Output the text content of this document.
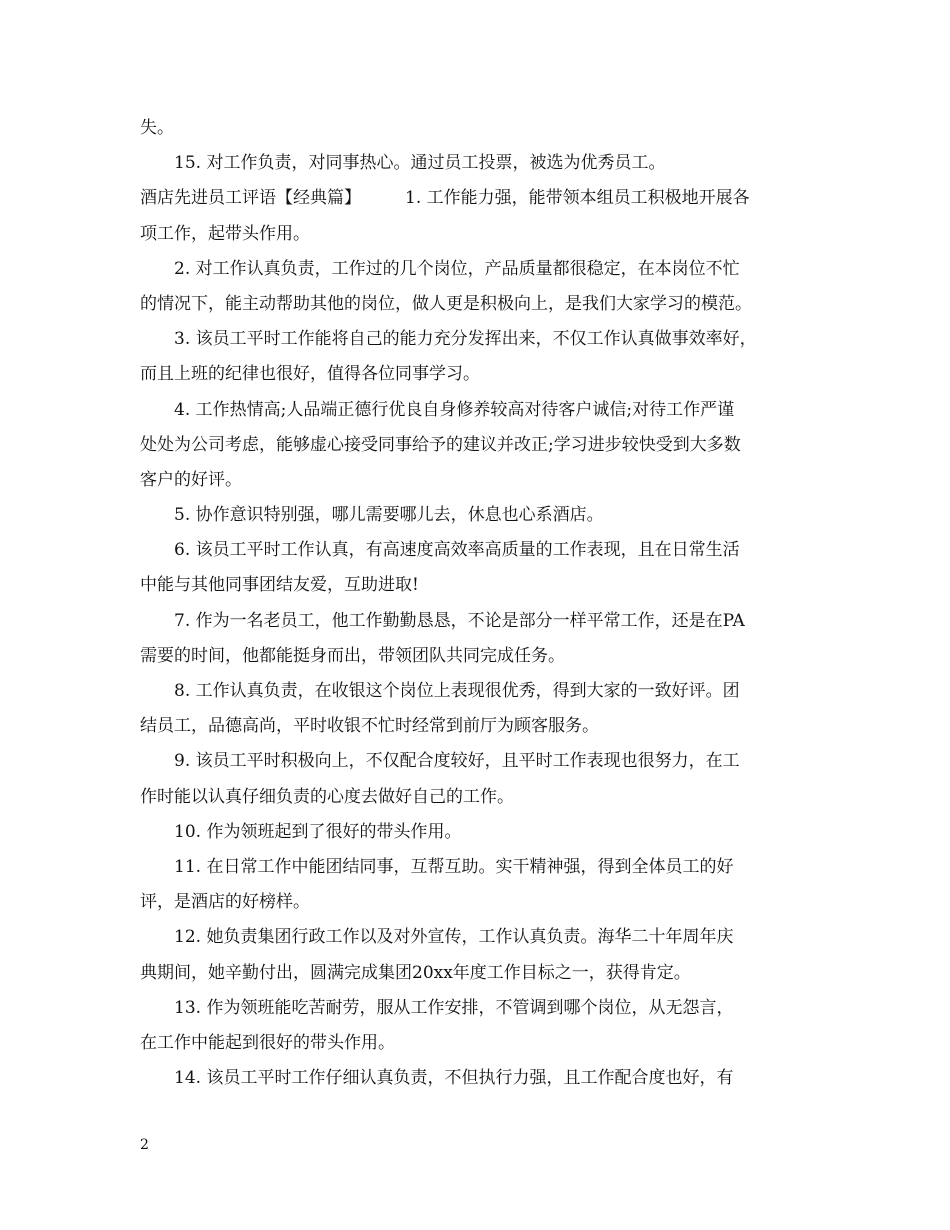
失。
15. 对工作负责，对同事热心。通过员工投票，被选为优秀员工。
酒店先进员工评语【经典篇】	1. 工作能力强，能带领本组员工积极地开展各
项工作，起带头作用。
2. 对工作认真负责，工作过的几个岗位，产品质量都很稳定，在本岗位不忙
的情况下，能主动帮助其他的岗位，做人更是积极向上，是我们大家学习的模范。
3. 该员工平时工作能将自己的能力充分发挥出来，不仅工作认真做事效率好，
而且上班的纪律也很好，值得各位同事学习。
4. 工作热情高;人品端正德行优良自身修养较高对待客户诚信;对待工作严谨
处处为公司考虑，能够虚心接受同事给予的建议并改正;学习进步较快受到大多数
客户的好评。
5. 协作意识特别强，哪儿需要哪儿去，休息也心系酒店。
6. 该员工平时工作认真，有高速度高效率高质量的工作表现，且在日常生活
中能与其他同事团结友爱，互助进取!
7. 作为一名老员工，他工作勤勤恳恳，不论是部分一样平常工作，还是在PA
需要的时间，他都能挺身而出，带领团队共同完成任务。
8. 工作认真负责，在收银这个岗位上表现很优秀，得到大家的一致好评。团
结员工，品德高尚，平时收银不忙时经常到前厅为顾客服务。
9. 该员工平时积极向上，不仅配合度较好，且平时工作表现也很努力，在工
作时能以认真仔细负责的心度去做好自己的工作。
10. 作为领班起到了很好的带头作用。
11. 在日常工作中能团结同事，互帮互助。实干精神强，得到全体员工的好
评，是酒店的好榜样。
12. 她负责集团行政工作以及对外宣传，工作认真负责。海华二十年周年庆
典期间，她辛勤付出，圆满完成集团20xx年度工作目标之一，获得肯定。
13. 作为领班能吃苦耐劳，服从工作安排，不管调到哪个岗位，从无怨言，
在工作中能起到很好的带头作用。
14. 该员工平时工作仔细认真负责，不但执行力强，且工作配合度也好，有
2
